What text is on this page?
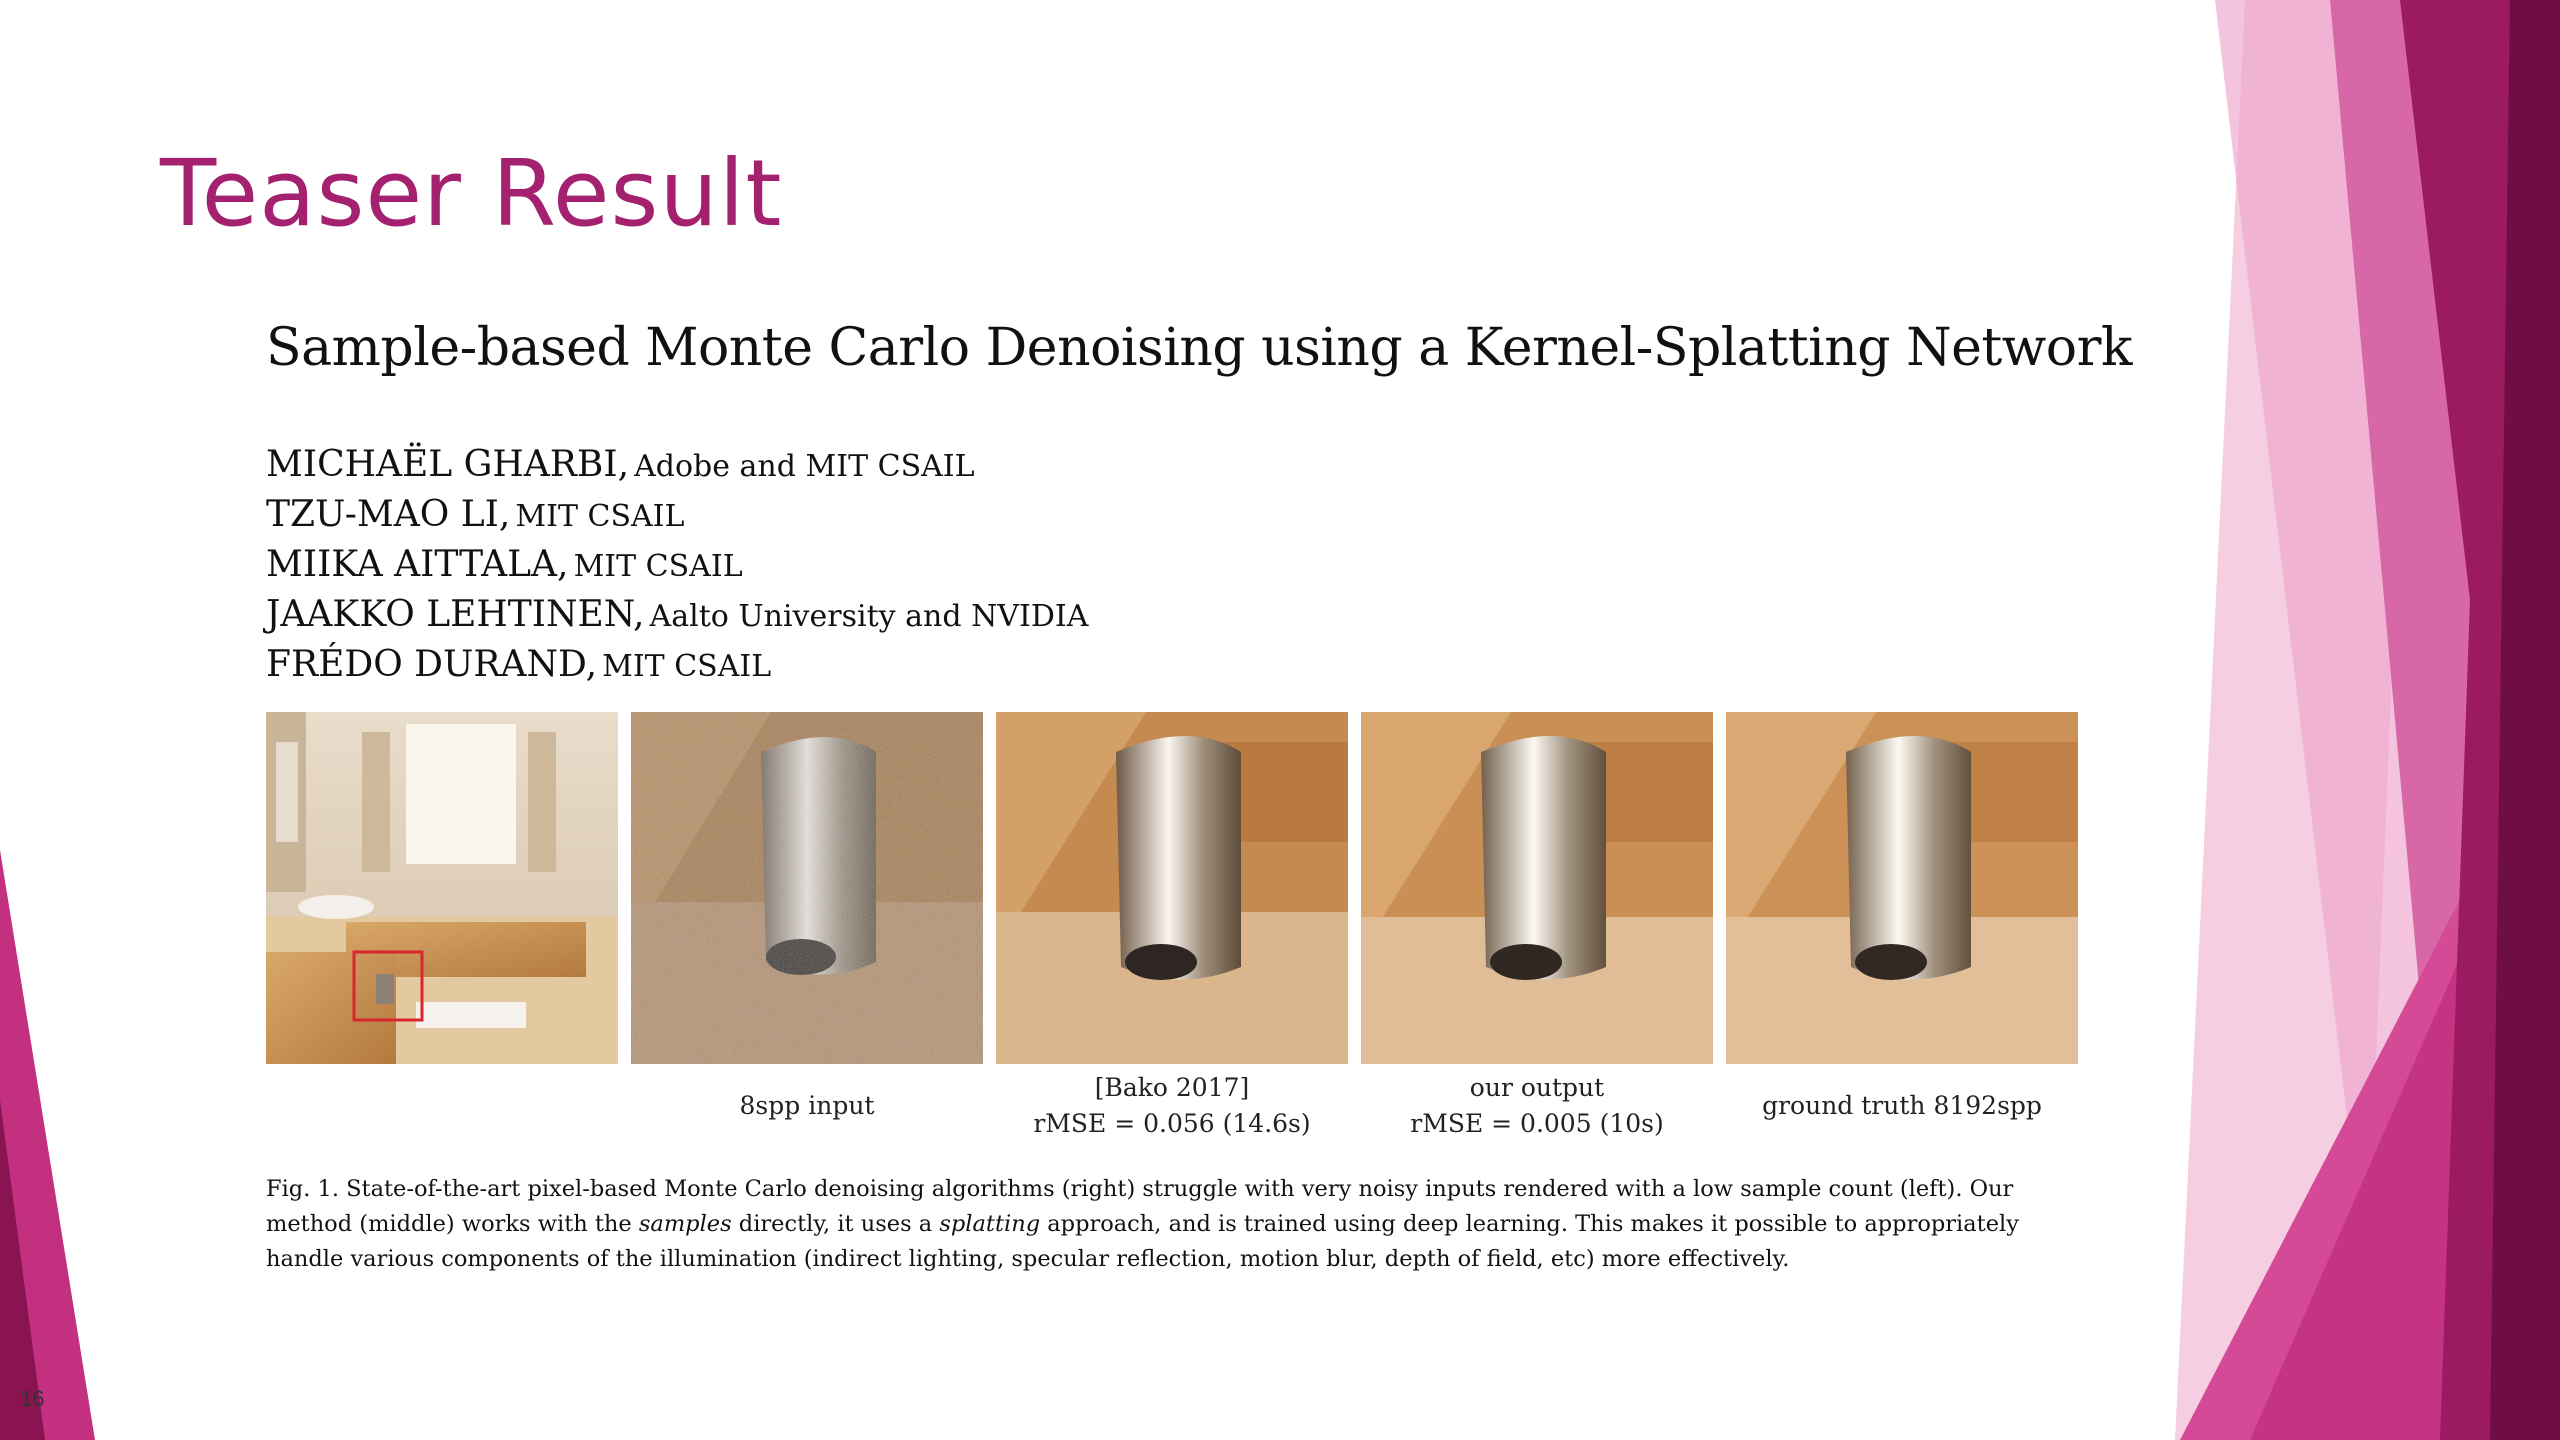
Teaser Result
Sample-based Monte Carlo Denoising using a Kernel-Splatting Network
MICHAËL GHARBI, Adobe and MIT CSAIL
TZU-MAO LI, MIT CSAIL
MIIKA AITTALA, MIT CSAIL
JAAKKO LEHTINEN, Aalto University and NVIDIA
FRÉDO DURAND, MIT CSAIL
8spp input
[Bako 2017]
rMSE = 0.056 (14.6s)
our output
rMSE = 0.005 (10s)
ground truth 8192spp
Fig. 1. State-of-the-art pixel-based Monte Carlo denoising algorithms (right) struggle with very noisy inputs rendered with a low sample count (left). Our
method (middle) works with the samples directly, it uses a splatting approach, and is trained using deep learning. This makes it possible to appropriately
handle various components of the illumination (indirect lighting, specular reflection, motion blur, depth of field, etc) more effectively.
16
